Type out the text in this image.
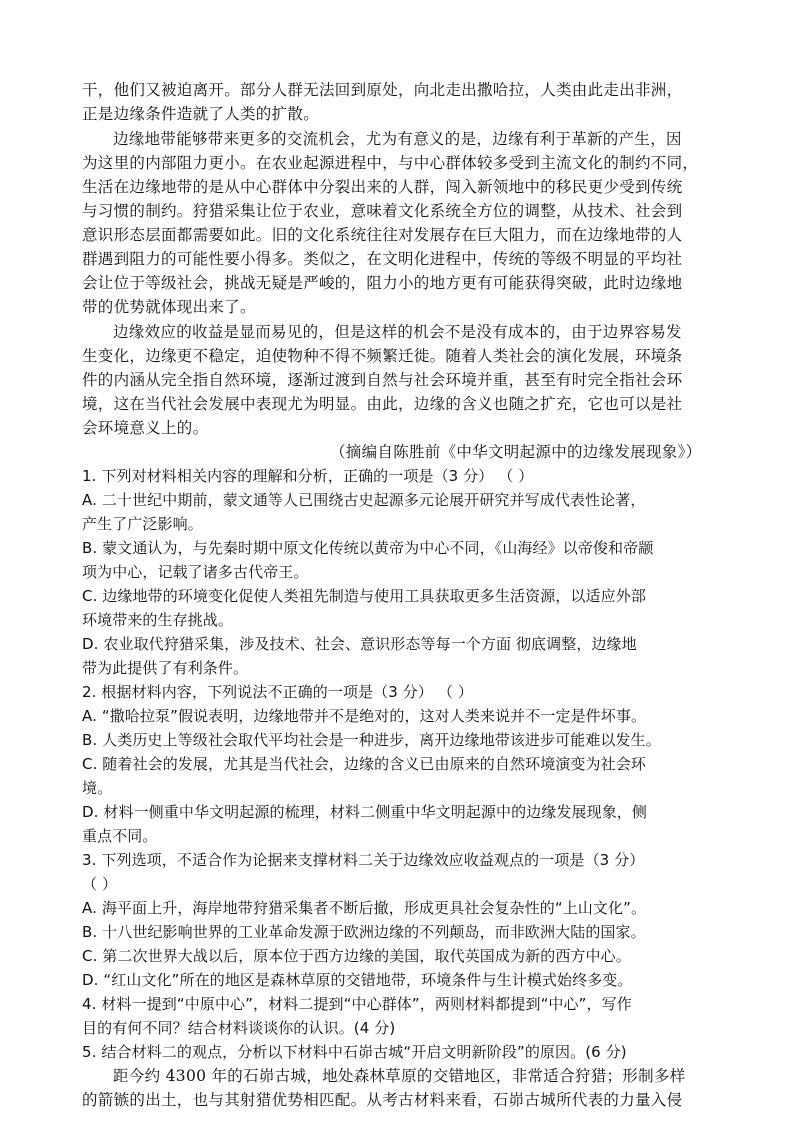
干，他们又被迫离开。部分人群无法回到原处，向北走出撒哈拉，人类由此走出非洲，
正是边缘条件造就了人类的扩散。
边缘地带能够带来更多的交流机会，尤为有意义的是，边缘有利于革新的产生，因
为这里的内部阻力更小。在农业起源进程中，与中心群体较多受到主流文化的制约不同，
生活在边缘地带的是从中心群体中分裂出来的人群，闯入新领地中的移民更少受到传统
与习惯的制约。狩猎采集让位于农业，意味着文化系统全方位的调整，从技术、社会到
意识形态层面都需要如此。旧的文化系统往往对发展存在巨大阻力，而在边缘地带的人
群遇到阻力的可能性要小得多。类似之，在文明化进程中，传统的等级不明显的平均社
会让位于等级社会，挑战无疑是严峻的，阻力小的地方更有可能获得突破，此时边缘地
带的优势就体现出来了。
边缘效应的收益是显而易见的，但是这样的机会不是没有成本的，由于边界容易发
生变化，边缘更不稳定，迫使物种不得不频繁迁徙。随着人类社会的演化发展，环境条
件的内涵从完全指自然环境，逐渐过渡到自然与社会环境并重，甚至有时完全指社会环
境，这在当代社会发展中表现尤为明显。由此，边缘的含义也随之扩充，它也可以是社
会环境意义上的。
（摘编自陈胜前《中华文明起源中的边缘发展现象》）
1. 下列对材料相关内容的理解和分析，正确的一项是（3 分） （ ）
A. 二十世纪中期前，蒙文通等人已围绕古史起源多元论展开研究并写成代表性论著，
产生了广泛影响。
B. 蒙文通认为，与先秦时期中原文化传统以黄帝为中心不同，《山海经》以帝俊和帝颛
项为中心，记载了诸多古代帝王。
C. 边缘地带的环境变化促使人类祖先制造与使用工具获取更多生活资源，以适应外部
环境带来的生存挑战。
D. 农业取代狩猎采集，涉及技术、社会、意识形态等每一个方面 彻底调整，边缘地
带为此提供了有利条件。
2. 根据材料内容，下列说法不正确的一项是（3 分） （ ）
A. “撒哈拉泵”假说表明，边缘地带并不是绝对的，这对人类来说并不一定是件坏事。
B. 人类历史上等级社会取代平均社会是一种进步，离开边缘地带该进步可能难以发生。
C. 随着社会的发展，尤其是当代社会，边缘的含义已由原来的自然环境演变为社会环
境。
D. 材料一侧重中华文明起源的梳理，材料二侧重中华文明起源中的边缘发展现象，侧
重点不同。
3. 下列选项，不适合作为论据来支撑材料二关于边缘效应收益观点的一项是（3 分）
（ ）
A. 海平面上升，海岸地带狩猎采集者不断后撤，形成更具社会复杂性的“上山文化”。
B. 十八世纪影响世界的工业革命发源于欧洲边缘的不列颠岛，而非欧洲大陆的国家。
C. 第二次世界大战以后，原本位于西方边缘的美国，取代英国成为新的西方中心。
D. “红山文化”所在的地区是森林草原的交错地带，环境条件与生计模式始终多变。
4. 材料一提到“中原中心”，材料二提到“中心群体”，两则材料都提到“中心”，写作
目的有何不同？结合材料谈谈你的认识。(4 分)
5. 结合材料二的观点，分析以下材料中石峁古城“开启文明新阶段”的原因。(6 分)
距今约 4300 年的石峁古城，地处森林草原的交错地区，非常适合狩猎；形制多样
的箭镞的出土，也与其射猎优势相匹配。从考古材料来看，石峁古城所代表的力量入侵
